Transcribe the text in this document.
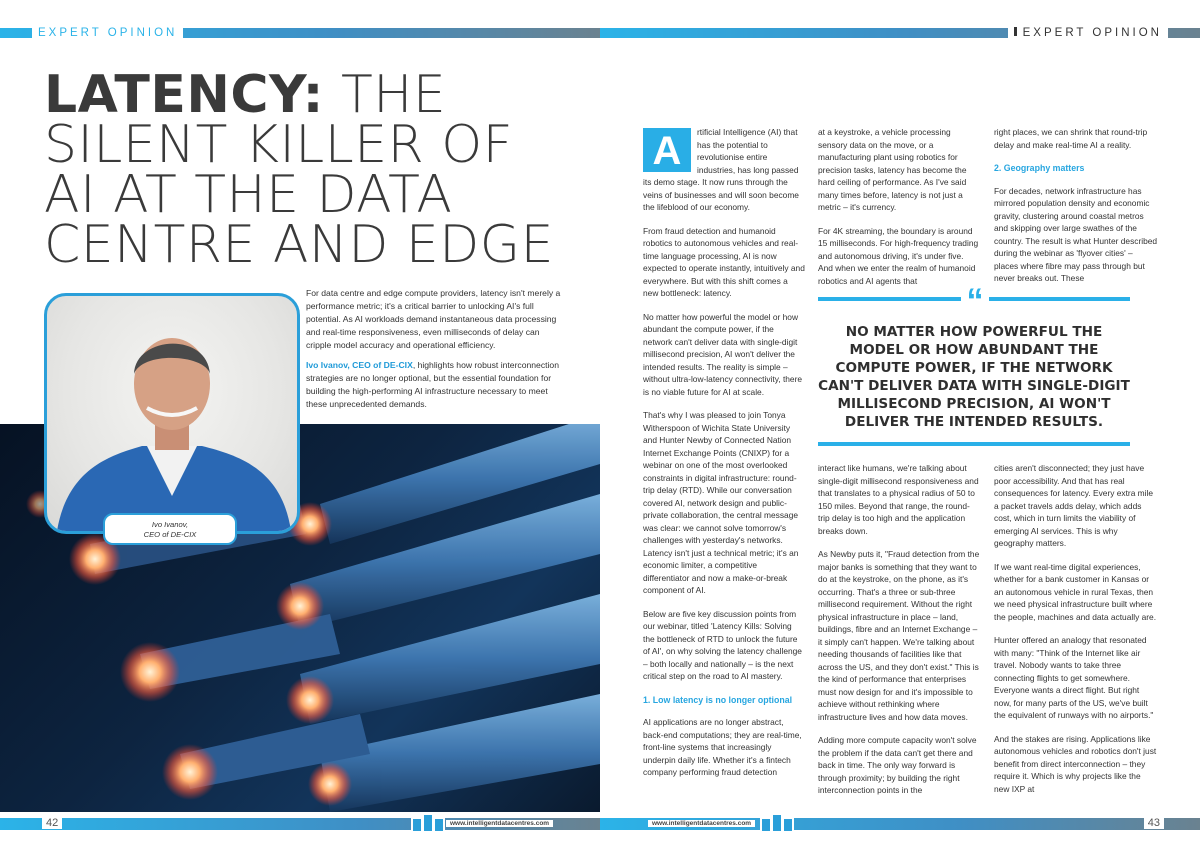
EXPERT OPINION	EXPERT OPINION
LATENCY: THE
SILENT KILLER OF
AI AT THE DATA
CENTRE AND EDGE
Ivo Ivanov,
CEO of DE-CIX

For data centre and edge compute providers, latency isn't merely a performance metric; it's a critical barrier to unlocking AI's full potential. As AI workloads demand instantaneous data processing and real-time responsiveness, even milliseconds of delay can cripple model accuracy and operational efficiency.

Ivo Ivanov, CEO of DE-CIX, highlights how robust interconnection strategies are no longer optional, but the essential foundation for building the high-performing AI infrastructure necessary to meet these unprecedented demands.

A	rtificial Intelligence (AI) that has the potential to revolutionise entire industries, has long passed its demo stage. It now runs through the veins of businesses and will soon become the lifeblood of our economy.

From fraud detection and humanoid robotics to autonomous vehicles and real-time language processing, AI is now expected to operate instantly, intuitively and everywhere. But with this shift comes a new bottleneck: latency.

No matter how powerful the model or how abundant the compute power, if the network can't deliver data with single-digit millisecond precision, AI won't deliver the intended results. The reality is simple – without ultra-low-latency connectivity, there is no viable future for AI at scale.

That's why I was pleased to join Tonya Witherspoon of Wichita State University and Hunter Newby of Connected Nation Internet Exchange Points (CNIXP) for a webinar on one of the most overlooked constraints in digital infrastructure: round-trip delay (RTD). While our conversation covered AI, network design and public-private collaboration, the central message was clear: we cannot solve tomorrow's challenges with yesterday's networks. Latency isn't just a technical metric; it's an economic limiter, a competitive differentiator and now a make-or-break component of AI.

Below are five key discussion points from our webinar, titled 'Latency Kills: Solving the bottleneck of RTD to unlock the future of AI', on why solving the latency challenge – both locally and nationally – is the next critical step on the road to AI mastery.

1. Low latency is no longer optional

AI applications are no longer abstract, back-end computations; they are real-time, front-line systems that increasingly underpin daily life. Whether it's a fintech company performing fraud detection

at a keystroke, a vehicle processing sensory data on the move, or a manufacturing plant using robotics for precision tasks, latency has become the hard ceiling of performance. As I've said many times before, latency is not just a metric – it's currency.

For 4K streaming, the boundary is around 15 milliseconds. For high-frequency trading and autonomous driving, it's under five. And when we enter the realm of humanoid robotics and AI agents that

right places, we can shrink that round-trip delay and make real-time AI a reality.

2. Geography matters

For decades, network infrastructure has mirrored population density and economic gravity, clustering around coastal metros and skipping over large swathes of the country. The result is what Hunter described during the webinar as 'flyover cities' – places where fibre may pass through but never breaks out. These

“
NO MATTER HOW POWERFUL THE MODEL OR HOW ABUNDANT THE COMPUTE POWER, IF THE NETWORK CAN'T DELIVER DATA WITH SINGLE-DIGIT MILLISECOND PRECISION, AI WON'T DELIVER THE INTENDED RESULTS.

interact like humans, we're talking about single-digit millisecond responsiveness and that translates to a physical radius of 50 to 150 miles. Beyond that range, the round-trip delay is too high and the application breaks down.

As Newby puts it, "Fraud detection from the major banks is something that they want to do at the keystroke, on the phone, as it's occurring. That's a three or sub-three millisecond requirement. Without the right physical infrastructure in place – land, buildings, fibre and an Internet Exchange – it simply can't happen. We're talking about needing thousands of facilities like that across the US, and they don't exist." This is the kind of performance that enterprises must now design for and it's impossible to achieve without rethinking where infrastructure lives and how data moves.

Adding more compute capacity won't solve the problem if the data can't get there and back in time. The only way forward is through proximity; by building the right interconnection points in the

cities aren't disconnected; they just have poor accessibility. And that has real consequences for latency. Every extra mile a packet travels adds delay, which adds cost, which in turn limits the viability of emerging AI services. This is why geography matters.

If we want real-time digital experiences, whether for a bank customer in Kansas or an autonomous vehicle in rural Texas, then we need physical infrastructure built where the people, machines and data actually are.

Hunter offered an analogy that resonated with many: "Think of the Internet like air travel. Nobody wants to take three connecting flights to get somewhere. Everyone wants a direct flight. But right now, for many parts of the US, we've built the equivalent of runways with no airports."

And the stakes are rising. Applications like autonomous vehicles and robotics don't just benefit from direct interconnection – they require it. Which is why projects like the new IXP at

42	43
www.intelligentdatacentres.com	www.intelligentdatacentres.com
